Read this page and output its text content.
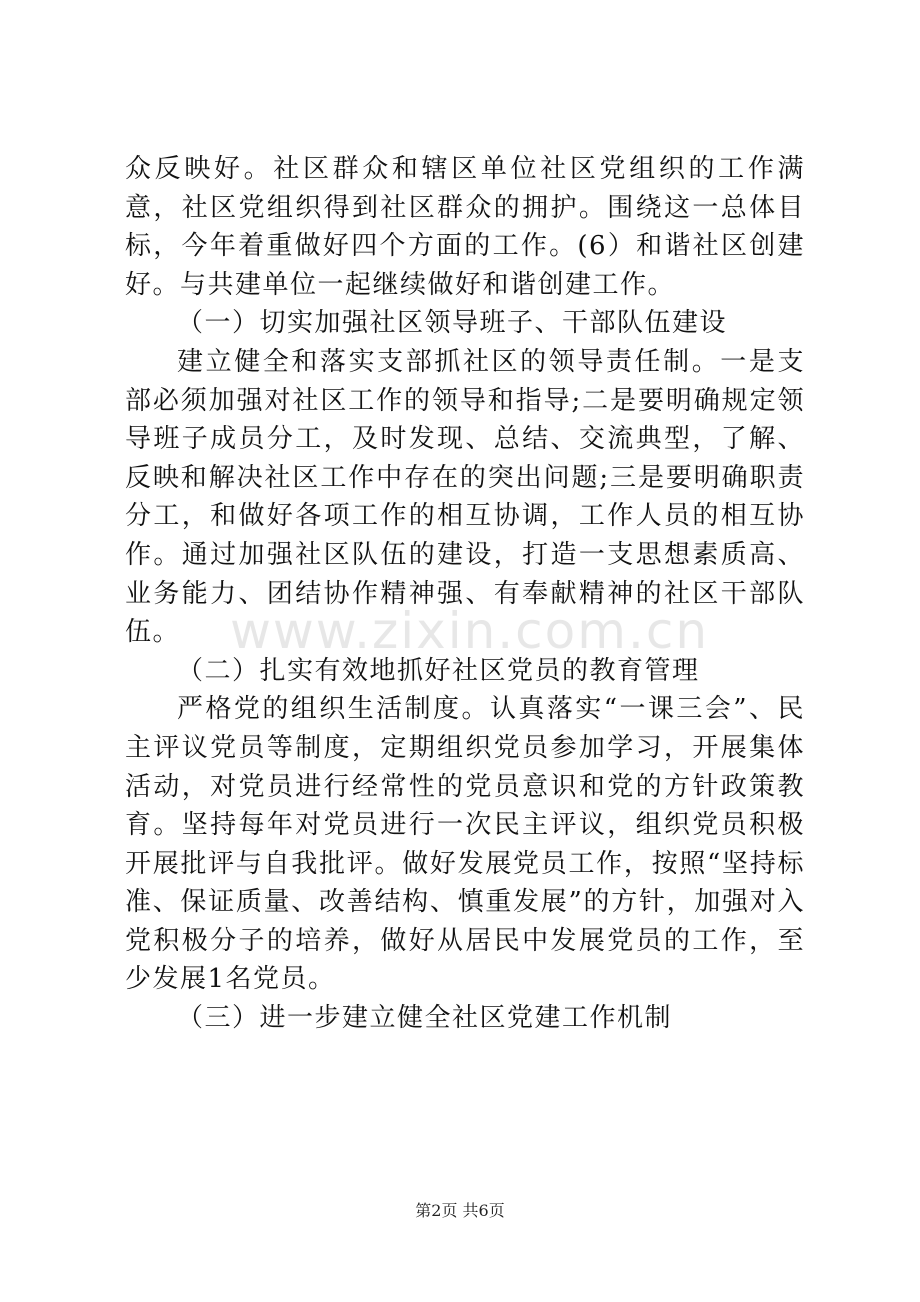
www.zixin.com.cn

众反映好。社区群众和辖区单位社区党组织的工作满意，社区党组织得到社区群众的拥护。围绕这一总体目标，今年着重做好四个方面的工作。(6）和谐社区创建好。与共建单位一起继续做好和谐创建工作。

（一）切实加强社区领导班子、干部队伍建设

建立健全和落实支部抓社区的领导责任制。一是支部必须加强对社区工作的领导和指导;二是要明确规定领导班子成员分工，及时发现、总结、交流典型，了解、反映和解决社区工作中存在的突出问题;三是要明确职责分工，和做好各项工作的相互协调，工作人员的相互协作。通过加强社区队伍的建设，打造一支思想素质高、业务能力、团结协作精神强、有奉献精神的社区干部队伍。

（二）扎实有效地抓好社区党员的教育管理

严格党的组织生活制度。认真落实“一课三会”、民主评议党员等制度，定期组织党员参加学习，开展集体活动，对党员进行经常性的党员意识和党的方针政策教育。坚持每年对党员进行一次民主评议，组织党员积极开展批评与自我批评。做好发展党员工作，按照“坚持标准、保证质量、改善结构、慎重发展”的方针，加强对入党积极分子的培养，做好从居民中发展党员的工作，至少发展1名党员。

（三）进一步建立健全社区党建工作机制

第2页 共6页
